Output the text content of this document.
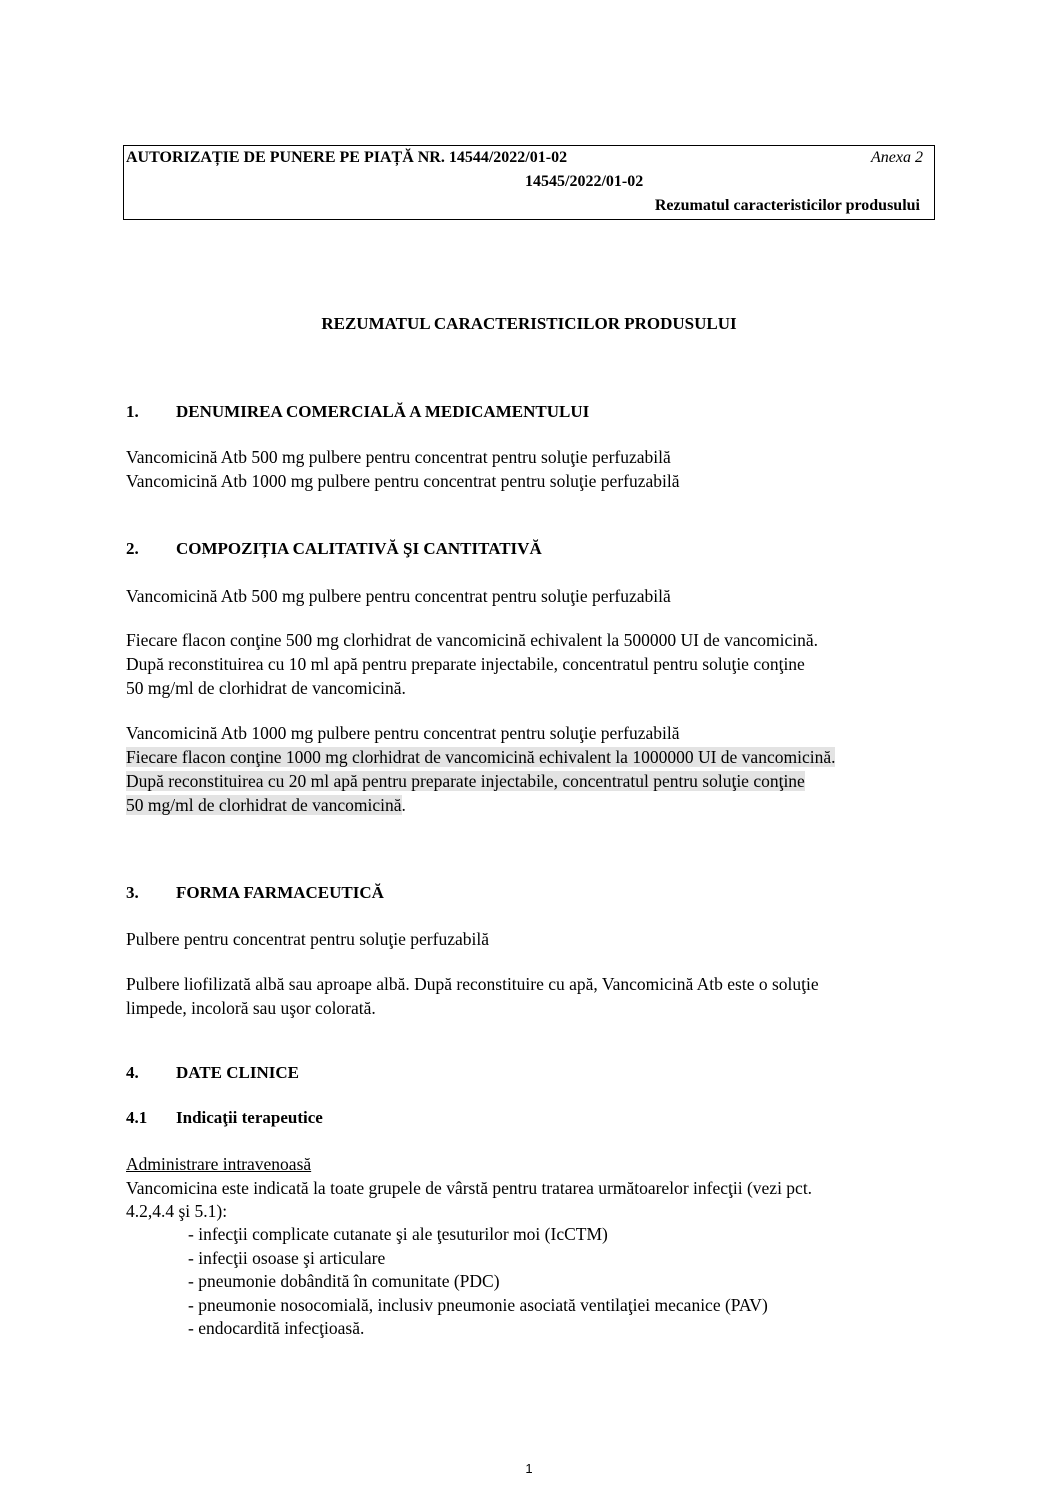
AUTORIZAȚIE DE PUNERE PE PIAȚĂ NR. 14544/2022/01-02	Anexa 2
14545/2022/01-02
Rezumatul caracteristicilor produsului
REZUMATUL CARACTERISTICILOR PRODUSULUI
1. DENUMIREA COMERCIALĂ A MEDICAMENTULUI
Vancomicină Atb 500 mg pulbere pentru concentrat pentru soluţie perfuzabilă
Vancomicină Atb 1000 mg pulbere pentru concentrat pentru soluţie perfuzabilă
2. COMPOZIȚIA CALITATIVĂ ŞI CANTITATIVĂ
Vancomicină Atb 500 mg pulbere pentru concentrat pentru soluţie perfuzabilă
Fiecare flacon conţine 500 mg clorhidrat de vancomicină echivalent la 500000 UI de vancomicină.
După reconstituirea cu 10 ml apă pentru preparate injectabile, concentratul pentru soluţie conţine
50 mg/ml de clorhidrat de vancomicină.
Vancomicină Atb 1000 mg pulbere pentru concentrat pentru soluţie perfuzabilă
Fiecare flacon conţine 1000 mg clorhidrat de vancomicină echivalent la 1000000 UI de vancomicină.
După reconstituirea cu 20 ml apă pentru preparate injectabile, concentratul pentru soluţie conţine
50 mg/ml de clorhidrat de vancomicină.
3. FORMA FARMACEUTICĂ
Pulbere pentru concentrat pentru soluţie perfuzabilă
Pulbere liofilizată albă sau aproape albă. După reconstituire cu apă, Vancomicină Atb este o soluţie
limpede, incoloră sau uşor colorată.
4. DATE CLINICE
4.1 Indicaţii terapeutice
Administrare intravenoasă
Vancomicina este indicată la toate grupele de vârstă pentru tratarea următoarelor infecţii (vezi pct.
4.2,4.4 şi 5.1):
- infecţii complicate cutanate şi ale ţesuturilor moi (IcCTM)
- infecţii osoase şi articulare
- pneumonie dobândită în comunitate (PDC)
- pneumonie nosocomială, inclusiv pneumonie asociată ventilaţiei mecanice (PAV)
- endocardită infecţioasă.
1
